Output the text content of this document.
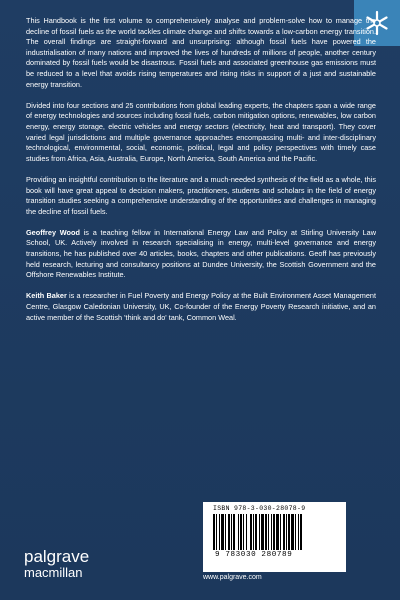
This Handbook is the first volume to comprehensively analyse and problem-solve how to manage the decline of fossil fuels as the world tackles climate change and shifts towards a low-carbon energy transition. The overall findings are straight-forward and unsurprising: although fossil fuels have powered the industrialisation of many nations and improved the lives of hundreds of millions of people, another century dominated by fossil fuels would be disastrous. Fossil fuels and associated greenhouse gas emissions must be reduced to a level that avoids rising temperatures and rising risks in support of a just and sustainable energy transition.

Divided into four sections and 25 contributions from global leading experts, the chapters span a wide range of energy technologies and sources including fossil fuels, carbon mitigation options, renewables, low carbon energy, energy storage, electric vehicles and energy sectors (electricity, heat and transport). They cover varied legal jurisdictions and multiple governance approaches encompassing multi- and inter-disciplinary technological, environmental, social, economic, political, legal and policy perspectives with timely case studies from Africa, Asia, Australia, Europe, North America, South America and the Pacific.

Providing an insightful contribution to the literature and a much-needed synthesis of the field as a whole, this book will have great appeal to decision makers, practitioners, students and scholars in the field of energy transition studies seeking a comprehensive understanding of the opportunities and challenges in managing the decline of fossil fuels.

Geoffrey Wood is a teaching fellow in International Energy Law and Policy at Stirling University Law School, UK. Actively involved in research specialising in energy, multi-level governance and energy transitions, he has published over 40 articles, books, chapters and other publications. Geoff has previously held research, lecturing and consultancy positions at Dundee University, the Scottish Government and the Offshore Renewables Institute.

Keith Baker is a researcher in Fuel Poverty and Energy Policy at the Built Environment Asset Management Centre, Glasgow Caledonian University, UK, Co-founder of the Energy Poverty Research initiative, and an active member of the Scottish 'think and do' tank, Common Weal.

ISBN 978-3-030-28078-9
9 783030 280789
www.palgrave.com
palgrave
macmillan
